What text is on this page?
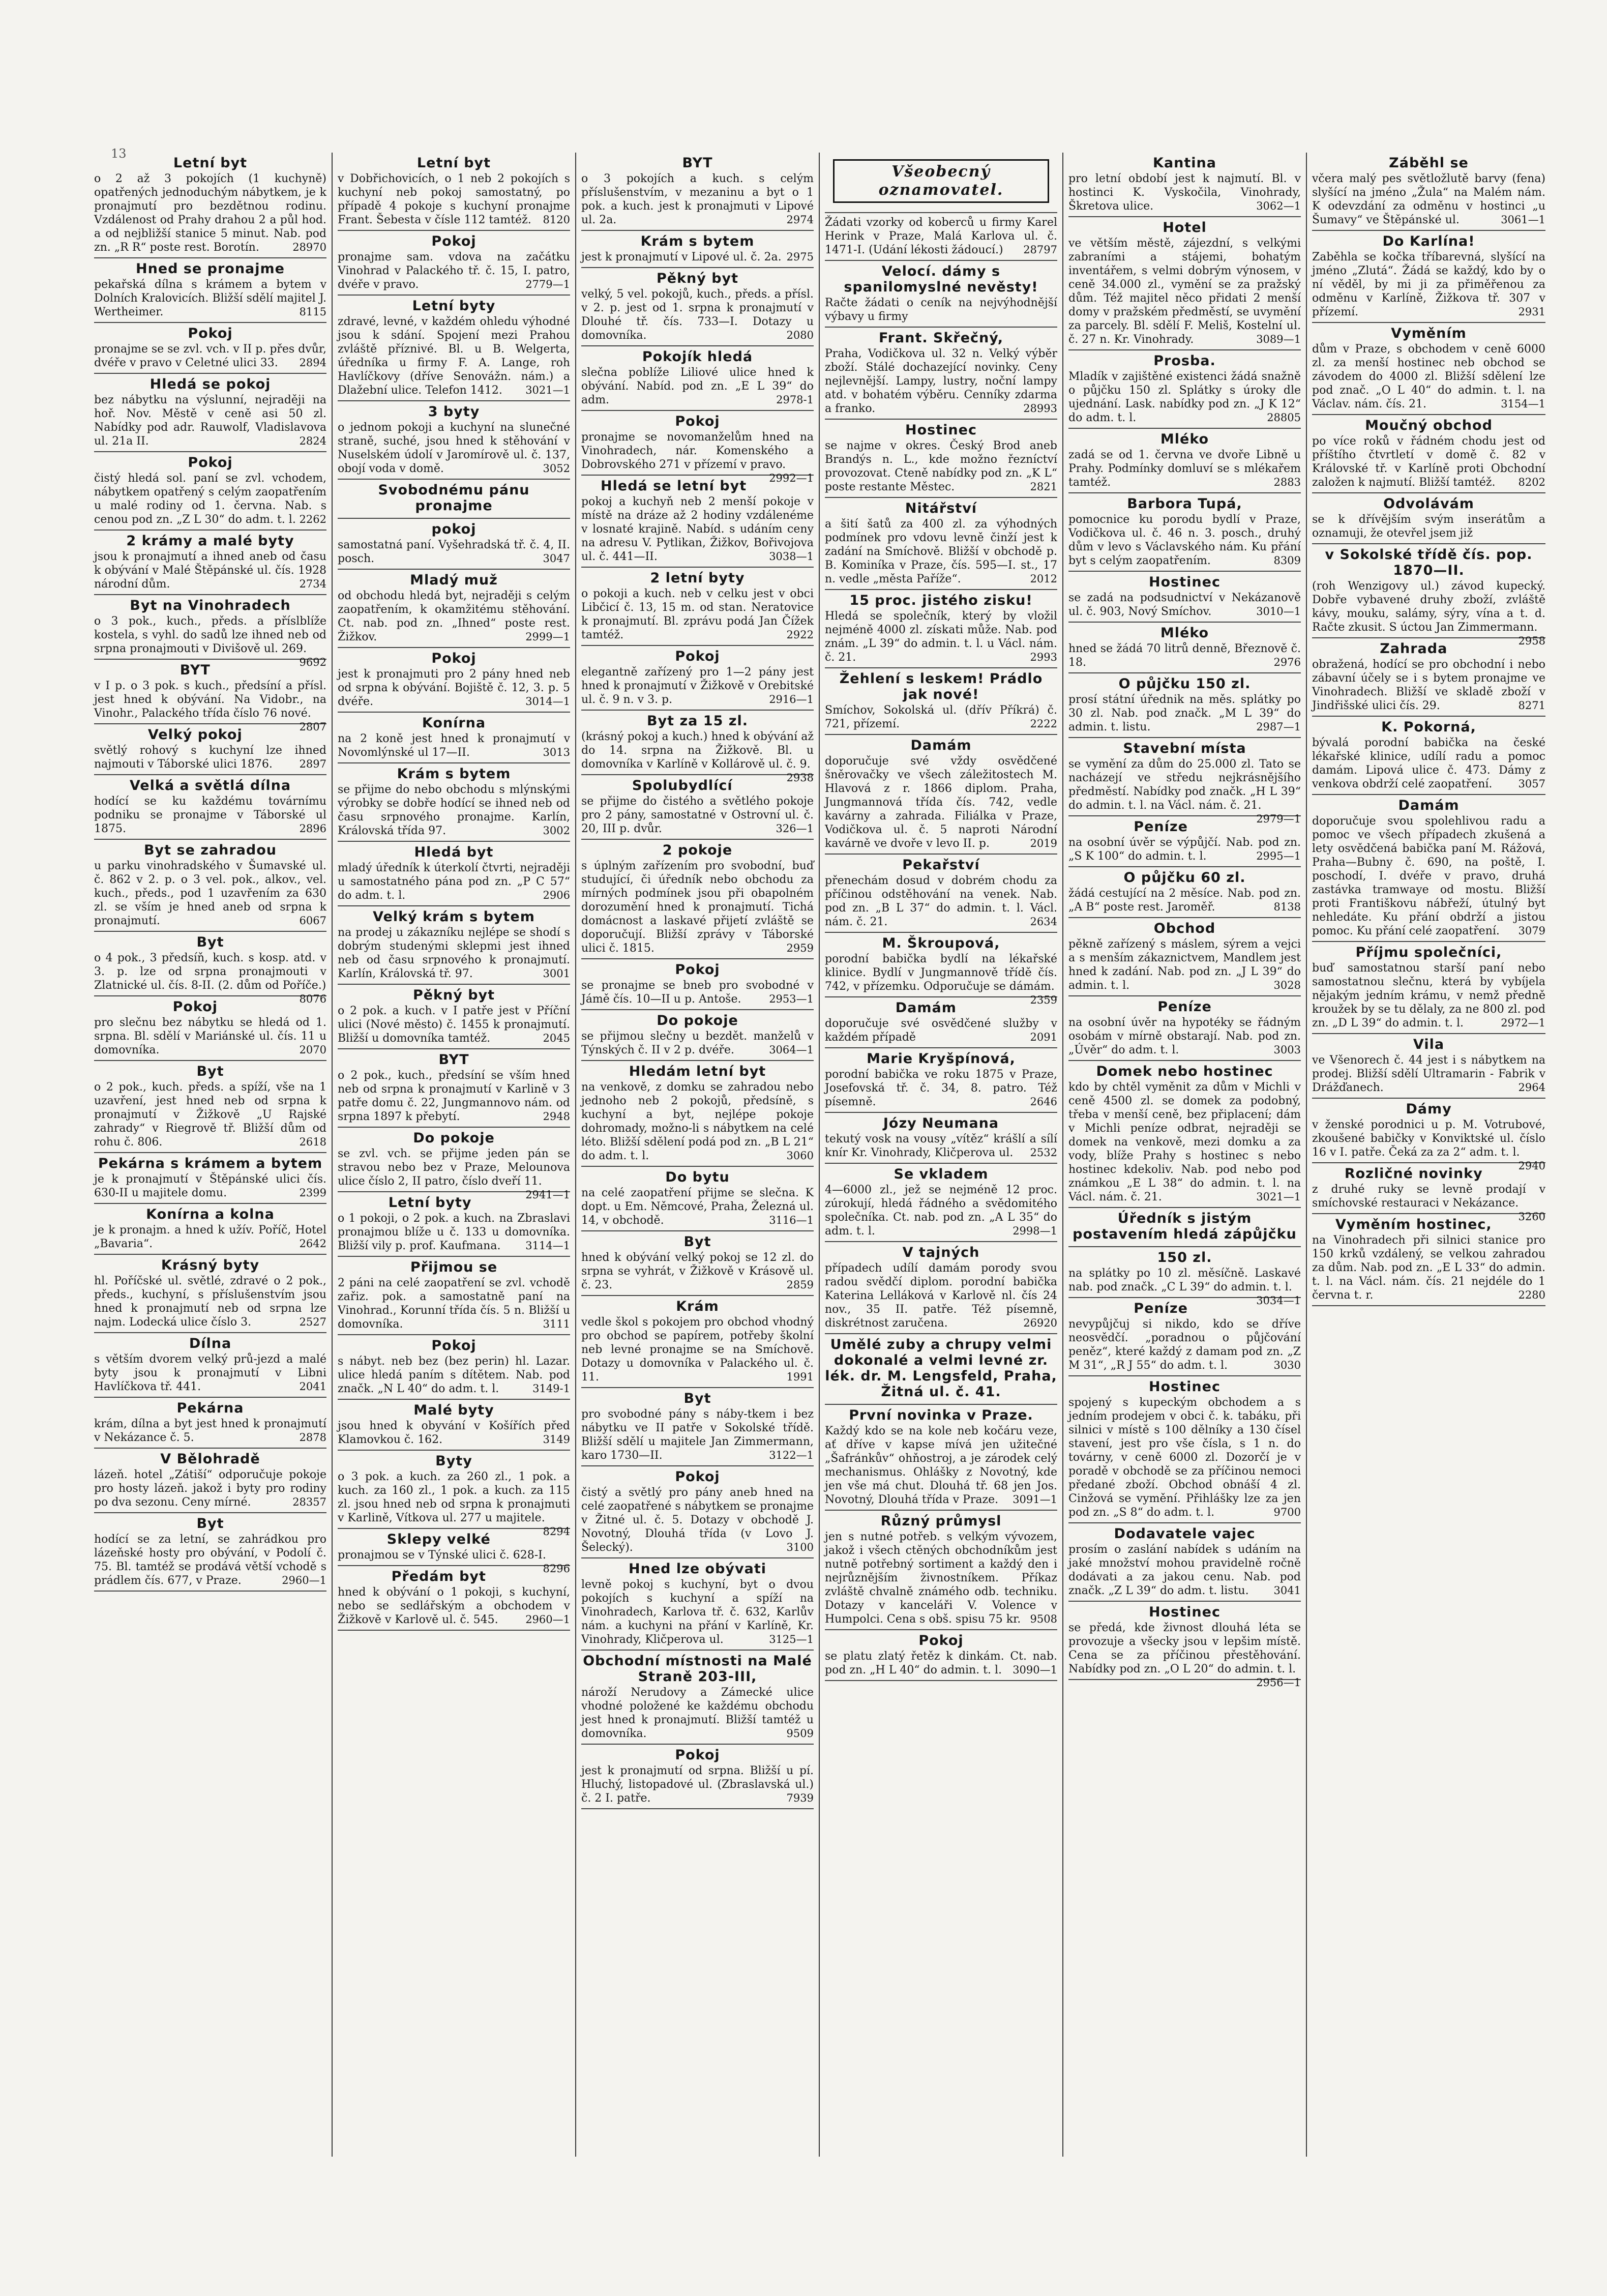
13
Letní byt
o 2 až 3 pokojích (1 kuchyně) opatřených jednoduchým nábytkem, je k pronajmutí pro bezdětnou rodinu. Vzdálenost od Prahy drahou 2 a půl hod. a od nejbližší stanice 5 minut. Nab. pod zn. „R R“ poste rest. Borotín.	28970
Hned se pronajme
pekařská dílna s krámem a bytem v Dolních Kralovicích. Bližší sdělí majitel J. Wertheimer.	8115
Pokoj
pronajme se se zvl. vch. v II p. přes dvůr, dvéře v pravo v Celetné ulici 33. 2894
Hledá se pokoj
bez nábytku na výslunní, nejraději na hoř. Nov. Městě v ceně asi 50 zl. Nabídky pod adr. Rauwolf, Vladislavova ul. 21a II.	2824
Pokoj
čistý hledá sol. paní se zvl. vchodem, nábytkem opatřený s celým zaopatřením u malé rodiny od 1. června. Nab. s cenou pod zn. „Z L 30“ do adm. t. l. 2262
2 krámy a malé byty
jsou k pronajmutí a ihned aneb od času k obývání v Malé Štěpánské ul. čís. 1928 národní dům.	2734
Byt na Vinohradech
o 3 pok., kuch., předs. a příslblíže kostela, s vyhl. do sadů lze ihned neb od srpna pronajmouti v Divišově ul. 269.
9692
BYT
v I p. o 3 pok. s kuch., předsíní a přísl. jest hned k obývání. Na Vidobr., na Vinohr., Palackého třída číslo 76 nové.
2807
Velký pokoj
světlý rohový s kuchyní lze ihned najmouti v Táborské ulici 1876.	2897
Velká a světlá dílna
hodící se ku každému továrnímu podniku se pronajme v Táborské ul 1875.	2896
Byt se zahradou
u parku vinohradského v Šumavské ul. č. 862 v 2. p. o 3 vel. pok., alkov., vel. kuch., předs., pod 1 uzavřením za 630 zl. se vším je hned aneb od srpna k pronajmutí.	6067
Byt
o 4 pok., 3 předsíň, kuch. s kosp. atd. v 3. p. lze od srpna pronajmouti v Zlatnické ul. čís. 8-II. (2. dům od Poříče.)
8076
Pokoj
pro slečnu bez nábytku se hledá od 1. srpna. Bl. sdělí v Mariánské ul. čís. 11 u domovníka.	2070
Byt
o 2 pok., kuch. předs. a spíží, vše na 1 uzavření, jest hned neb od srpna k pronajmutí v Žižkově „U Rajské zahrady“ v Riegrově tř. Bližší dům od rohu č. 806.	2618
Pekárna s krámem a bytem
je k pronajmutí v Štěpánské ulici čís. 630-II u majitele domu.	2399
Konírna a kolna
je k pronajm. a hned k užív. Poříč, Hotel „Bavaria“.	2642
Krásný byty
hl. Poříčské ul. světlé, zdravé o 2 pok., předs., kuchyní, s příslušenstvím jsou hned k pronajmutí neb od srpna lze najm. Lodecká ulice číslo 3.	2527
Dílna
s větším dvorem velký prů-jezd a malé byty jsou k pronajmutí v Libni Havlíčkova tř. 441.	2041
Pekárna
krám, dílna a byt jest hned k pronajmutí v Nekázance č. 5.	2878
V Bělohradě
lázeň. hotel „Zátiší“ odporučuje pokoje pro hosty lázeň. jakož i byty pro rodiny po dva sezonu. Ceny mírné.	28357
Byt
hodící se za letní, se zahrádkou pro lázeňské hosty pro obývání, v Podolí č. 75. Bl. tamtéž se prodává větší vchodě s prádlem čís. 677, v Praze.	2960—1
Letní byt
v Dobřichovicích, o 1 neb 2 pokojích s kuchyní neb pokoj samostatný, po případě 4 pokoje s kuchyní pronajme Frant. Šebesta v čísle 112 tamtéž. 8120
Pokoj
pronajme sam. vdova na začátku Vinohrad v Palackého tř. č. 15, I. patro, dvéře v pravo.	2779—1
Letní byty
zdravé, levné, v každém ohledu výhodné jsou k sdání. Spojení mezi Prahou zvláště příznivé. Bl. u B. Welgerta, úředníka u firmy F. A. Lange, roh Havlíčkovy (dříve Senovážn. nám.) a Dlažební ulice. Telefon 1412. 3021—1
3 byty
o jednom pokoji a kuchyní na slunečné straně, suché, jsou hned k stěhování v Nuselském údolí v Jaromírově ul. č. 137, obojí voda v domě.	3052
Svobodnému pánu pronajme
pokoj
samostatná paní. Vyšehradská tř. č. 4, II. posch.	3047
Mladý muž
od obchodu hledá byt, nejraději s celým zaopatřením, k okamžitému stěhování. Ct. nab. pod zn. „Ihned“ poste rest. Žižkov.	2999—1
Pokoj
jest k pronajmuti pro 2 pány hned neb od srpna k obývání. Bojiště č. 12, 3. p. 5 dvéře.	3014—1
Konírna
na 2 koně jest hned k pronajmutí v Novomlýnské ul 17—II.	3013
Krám s bytem
se přijme do nebo obchodu s mlýnskými výrobky se dobře hodící se ihned neb od času srpnového pronajme. Karlín, Královská třída 97.	3002
Hledá byt
mladý úředník k úterkolí čtvrti, nejraději u samostatného pána pod zn. „P C 57“ do adm. t. l.	2906
Velký krám s bytem
na prodej u zákazníku nejlépe se shodí s dobrým studenými sklepmi jest ihned neb od času srpnového k pronajmutí. Karlín, Královská tř. 97.	3001
Pěkný byt
o 2 pok. a kuch. v I patře jest v Příční ulici (Nové město) č. 1455 k pronajmutí. Bližší u domovníka tamtéž.	2045
BYT
o 2 pok., kuch., předsíní se vším hned neb od srpna k pronajmutí v Karlině v 3 patře domu č. 22, Jungmannovo nám. od srpna 1897 k přebytí.	2948
Do pokoje
se zvl. vch. se přijme jeden pán se stravou nebo bez v Praze, Melounova ulice číslo 2, II patro, číslo dveří 11.
2941—1
Letní byty
o 1 pokoji, o 2 pok. a kuch. na Zbraslavi pronajmou blíže u č. 133 u domovníka. Bližší vily p. prof. Kaufmana. 3114—1
Přijmou se
2 páni na celé zaopatření se zvl. vchodě zařiz. pok. a samostatně paní na Vinohrad., Korunní třída čís. 5 n. Bližší u domovníka.	3111
Pokoj
s nábyt. neb bez (bez perin) hl. Lazar. ulice hledá paním s dítětem. Nab. pod značk. „N L 40“ do adm. t. l.	3149-1
Malé byty
jsou hned k obyvání v Košířích před Klamovkou č. 162.	3149
Byty
o 3 pok. a kuch. za 260 zl., 1 pok. a kuch. za 160 zl., 1 pok. a kuch. za 115 zl. jsou hned neb od srpna k pronajmuti v Karlině, Vítkova ul. 277 u majitele.
8294
Sklepy velké
pronajmou se v Týnské ulici č. 628-I.
8296
Předám byt
hned k obývání o 1 pokoji, s kuchyní, nebo se sedlářským a obchodem v Žižkově v Karlově ul. č. 545.	2960—1
BYT
o 3 pokojích a kuch. s celým příslušenstvím, v mezaninu a byt o 1 pok. a kuch. jest k pronajmuti v Lipové ul. 2a.	2974
Krám s bytem
jest k pronajmutí v Lipové ul. č. 2a. 2975
Pěkný byt
velký, 5 vel. pokojů, kuch., předs. a přísl. v 2. p. jest od 1. srpna k pronajmutí v Dlouhé tř. čís. 733—I. Dotazy u domovníka.	2080
Pokojík hledá
slečna poblíže Liliové ulice hned k obývání. Nabíd. pod zn. „E L 39“ do adm.	2978-1
Pokoj
pronajme se novomanželům hned na Vinohradech, nár. Komenského a Dobrovského 271 v přízemí v pravo.
2992—1
Hledá se letní byt
pokoj a kuchyň neb 2 menší pokoje v místě na dráze až 2 hodiny vzdálenéme v losnaté krajině. Nabíd. s udáním ceny na adresu V. Pytlikan, Žižkov, Bořivojova ul. č. 441—II.	3038—1
2 letní byty
o pokoji a kuch. neb v celku jest v obci Libčicí č. 13, 15 m. od stan. Neratovice k pronajmutí. Bl. zprávu podá Jan Čížek tamtéž.	2922
Pokoj
elegantně zařízený pro 1—2 pány jest hned k pronajmutí v Žižkově v Orebitské ul. č. 9 n. v 3. p.	2916—1
Byt za 15 zl.
(krásný pokoj a kuch.) hned k obývání až do 14. srpna na Žižkově. Bl. u domovníka v Karlíně v Kollárově ul. č. 9.
2938
Spolubydlící
se přijme do čistého a světlého pokoje pro 2 pány, samostatné v Ostrovní ul. č. 20, III p. dvůr.	326—1
2 pokoje
s úplným zařízením pro svobodní, buď studující, či úředník nebo obchodu za mírných podmínek jsou při obapolném dorozumění hned k pronajmutí. Tichá domácnost a laskavé přijetí zvláště se doporučují. Bližší zprávy v Táborské ulici č. 1815.	2959
Pokoj
se pronajme se bneb pro svobodné v Jámě čís. 10—II u p. Antoše.	2953—1
Do pokoje
se přijmou slečny u bezdět. manželů v Týnských č. II v 2 p. dvéře.	3064—1
Hledám letní byt
na venkově, z domku se zahradou nebo jednoho neb 2 pokojů, předsíně, s kuchyní a byt, nejlépe pokoje dohromady, možno-li s nábytkem na celé léto. Bližší sdělení podá pod zn. „B L 21“ do adm. t. l.	3060
Do bytu
na celé zaopatření přijme se slečna. K dopt. u Em. Němcové, Praha, Železná ul. 14, v obchodě.	3116—1
Byt
hned k obývání velký pokoj se 12 zl. do srpna se vyhrát, v Žižkově v Krásově ul. č. 23.	2859
Krám
vedle škol s pokojem pro obchod vhodný pro obchod se papírem, potřeby školní neb levné pronajme se na Smíchově. Dotazy u domovníka v Palackého ul. č. 11.	1991
Byt
pro svobodné pány s náby-tkem i bez nábytku ve II patře v Sokolské třídě. Bližší sdělí u majitele Jan Zimmermann, karo 1730—II.	3122—1
Pokoj
čistý a světlý pro pány aneb hned na celé zaopatřené s nábytkem se pronajme v Žitné ul. č. 5. Dotazy v obchodě J. Novotný, Dlouhá třída (v Lovo J. Šelecký).	3100
Hned lze obývati
levně pokoj s kuchyní, byt o dvou pokojích s kuchyní a spíží na Vinohradech, Karlova tř. č. 632, Karlův nám. a kuchyni na přání v Karlíně, Kr. Vinohrady, Kličperova ul.	3125—1
Obchodní místnosti na Malé Straně 203-III,
nároží Nerudovy a Zámecké ulice vhodné položené ke každému obchodu jest hned k pronajmutí. Bližší tamtéž u domovníka.	9509
Pokoj
jest k pronajmutí od srpna. Bližší u pí. Hluchý, listopadové ul. (Zbraslavská ul.) č. 2 I. patře.	7939
Všeobecný oznamovatel.
Žádati vzorky od koberců u firmy Karel Herink v Praze, Malá Karlova ul. č. 1471-I. (Udání lékosti žádoucí.) 28797
Velocí. dámy s spanilomyslné nevěsty!
Račte žádati o ceník na nejvýhodnější výbavy u firmy
Frant. Skřečný,
Praha, Vodičkova ul. 32 n. Velký výběr zboží. Stálé dochazející novinky. Ceny nejlevnější. Lampy, lustry, noční lampy atd. v bohatém výběru. Cenníky zdarma a franko.	28993
Hostinec
se najme v okres. Český Brod aneb Brandýs n. L., kde možno řezníctví provozovat. Cteně nabídky pod zn. „K L“ poste restante Městec.	2821
Nitářství
a šití šatů za 400 zl. za výhodných podmínek pro vdovu levně činží jest k zadání na Smíchově. Bližší v obchodě p. B. Kominíka v Praze, čís. 595—I. st., 17 n. vedle „města Paříže“.	2012
15 proc. jistého zisku!
Hledá se společník, který by vložil nejméně 4000 zl. získati může. Nab. pod znám. „L 39“ do admin. t. l. u Václ. nám. č. 21.	2993
Žehlení s leskem! Prádlo jak nové!
Smíchov, Sokolská ul. (dřív Příkrá) č. 721, přízemí.	2222
Damám
doporučuje své vždy osvědčené šněrovačky ve všech záležitostech M. Hlavová z r. 1866 diplom. Praha, Jungmannová třída čís. 742, vedle kavárny a zahrada. Filiálka v Praze, Vodičkova ul. č. 5 naproti Národní kavárně ve dvoře v levo II. p.	2019
Pekařství
přenechám dosud v dobrém chodu za příčinou odstěhování na venek. Nab. pod zn. „B L 37“ do admin. t. l. Václ. nám. č. 21.	2634
M. Škroupová,
porodní babička bydlí na lékařské klinice. Bydlí v Jungmannově třídě čís. 742, v přízemku. Odporučuje se dámám.
2359
Damám
doporučuje své osvědčené služby v každém případě	2091
Marie Kryšpínová,
porodní babička ve roku 1875 v Praze, Josefovská tř. č. 34, 8. patro. Též písemně.	2646
Józy Neumana
tekutý vosk na vousy „vítěz“ krášlí a sílí knír Kr. Vinohrady, Kličperova ul. 2532
Se vkladem
4—6000 zl., jež se nejméně 12 proc. zúrokují, hledá řádného a svědomitého společníka. Ct. nab. pod zn. „A L 35“ do adm. t. l.	2998—1
V tajných
případech udílí damám porody svou radou svědčí diplom. porodní babička Katerina Lelláková v Karlově nl. čís 24 nov., 35 II. patře. Též písemně, diskrétnost zaručena.	26920
Umělé zuby a chrupy velmi dokonalé a velmi levné zr. lék. dr. M. Lengsfeld, Praha, Žitná ul. č. 41.
První novinka v Praze.
Každý kdo se na kole neb kočáru veze, ať dříve v kapse mívá jen užitečné „Šafránkův“ ohňostroj, a je zárodek celý mechanismus. Ohlášky z Novotný, kde jen vše má chut. Dlouhá tř. 68 jen Jos. Novotný, Dlouhá třída v Praze. 3091—1
Různý průmysl
jen s nutné potřeb. s velkým vývozem, jakož i všech ctěných obchodníkům jest nutně potřebný sortiment a každý den i nejrůznějším živnostníkem. Příkaz zvláště chvalně známého odb. techniku. Dotazy v kanceláři V. Volence v Humpolci. Cena s obš. spisu 75 kr. 9508
Pokoj
se platu zlatý řetěz k dinkám. Ct. nab. pod zn. „H L 40“ do admin. t. l. 3090—1
Kantina
pro letní období jest k najmutí. Bl. v hostinci K. Vyskočila, Vinohrady, Škretova ulice.	3062—1
Hotel
ve větším městě, zájezdní, s velkými zabraními a stájemi, bohatým inventářem, s velmi dobrým výnosem, v ceně 34.000 zl., vymění se za pražský dům. Též majitel něco přidati 2 menší domy v pražském předměstí, se uvymění za parcely. Bl. sdělí F. Meliš, Kostelní ul. č. 27 n. Kr. Vinohrady.	3089—1
Prosba.
Mladík v zajištěné existenci žádá snažně o půjčku 150 zl. Splátky s úroky dle ujednání. Lask. nabídky pod zn. „J K 12“ do adm. t. l.	28805
Mléko
zadá se od 1. června ve dvoře Libně u Prahy. Podmínky domluví se s mlékařem tamtéž.	2883
Barbora Tupá,
pomocnice ku porodu bydlí v Praze, Vodičkova ul. č. 46 n. 3. posch., druhý dům v levo s Václavského nám. Ku přání byt s celým zaopatřením.	8309
Hostinec
se zadá na podsudnictví v Nekázanově ul. č. 903, Nový Smíchov.	3010—1
Mléko
hned se žádá 70 litrů denně, Březnově č. 18.	2976
O půjčku 150 zl.
prosí státní úřednik na měs. splátky po 30 zl. Nab. pod značk. „M L 39“ do admin. t. listu.	2987—1
Stavební místa
se vymění za dům do 25.000 zl. Tato se nacházejí ve středu nejkrásnějšího předměstí. Nabídky pod značk. „H L 39“ do admin. t. l. na Václ. nám. č. 21.
2979—1
Peníze
na osobní úvěr se výpůjčí. Nab. pod zn. „S K 100“ do admin. t. l.	2995—1
O půjčku 60 zl.
žádá cestující na 2 měsíce. Nab. pod zn. „A B“ poste rest. Jaroměř.	8138
Obchod
pěkně zařízený s máslem, sýrem a vejci a s menším zákaznictvem, Mandlem jest hned k zadání. Nab. pod zn. „J L 39“ do admin. t. l.	3028
Peníze
na osobní úvěr na hypotéky se řádným osobám v mírně obstarají. Nab. pod zn. „Úvěr“ do adm. t. l.	3003
Domek nebo hostinec
kdo by chtěl vyměnit za dům v Michli v ceně 4500 zl. se domek za podobný, třeba v menší ceně, bez připlacení; dám v Michli peníze odbrat, nejraději se domek na venkově, mezi domku a za vody, blíže Prahy s hostinec s nebo hostinec kdekoliv. Nab. pod nebo pod známkou „E L 38“ do admin. t. l. na Václ. nám. č. 21.	3021—1
Úředník s jistým postavením hledá zápůjčku
150 zl.
na splátky po 10 zl. měsíčně. Laskavé nab. pod značk. „C L 39“ do admin. t. l.
3034—1
Peníze
nevypůjčuj si nikdo, kdo se dříve neosvědčí. „poradnou o půjčování peněz“, které každý z damam pod zn. „Z M 31“, „R J 55“ do adm. t. l.	3030
Hostinec
spojený s kupeckým obchodem a s jedním prodejem v obci č. k. tabáku, při silnici v místě s 100 dělníky a 130 čísel stavení, jest pro vše čísla, s 1 n. do továrny, v ceně 6000 zl. Dozorčí je v poradě v obchodě se za příčinou nemoci předané zboží. Obchod obnáší 4 zl. Cinžová se vymění. Přihlášky lze za jen pod zn. „S 8“ do adm. t. l.	9700
Dodavatele vajec
prosím o zaslání nabídek s udáním na jaké množství mohou pravidelně ročně dodávati a za jakou cenu. Nab. pod značk. „Z L 39“ do adm. t. listu. 3041
Hostinec
se předá, kde živnost dlouhá léta se provozuje a všecky jsou v lepšim místě. Cena se za příčinou přestěhování. Nabídky pod zn. „O L 20“ do admin. t. l.
2956—1
Záběhl se
včera malý pes světložlutě barvy (fena) slyšící na jméno „Žula“ na Malém nám. K odevzdání za odměnu v hostinci „u Šumavy“ ve Štěpánské ul.	3061—1
Do Karlína!
Zaběhla se kočka tříbarevná, slyšící na jméno „Zlutá“. Žádá se každý, kdo by o ní věděl, by mi ji za přiměřenou za odměnu v Karlíně, Žižkova tř. 307 v přízemí.	2931
Vyměním
dům v Praze, s obchodem v ceně 6000 zl. za menší hostinec neb obchod se závodem do 4000 zl. Bližší sdělení lze pod znač. „O L 40“ do admin. t. l. na Václav. nám. čís. 21.	3154—1
Moučný obchod
po více roků v řádném chodu jest od příštího čtvrtletí v domě č. 82 v Královské tř. v Karlíně proti Obchodní založen k najmutí. Bližší tamtéž. 8202
Odvolávám
se k dřívějším svým inserátům a oznamuji, že otevřel jsem již
v Sokolské třídě čís. pop. 1870—II.
(roh Wenzigovy ul.) závod kupecký. Dobře vybavené druhy zboží, zvláště kávy, mouku, salámy, sýry, vína a t. d. Račte zkusit. S úctou Jan Zimmermann.
2958
Zahrada
obražená, hodící se pro obchodní i nebo zábavní účely se i s bytem pronajme ve Vinohradech. Bližší ve skladě zboží v Jindřišské ulici čís. 29.	8271
K. Pokorná,
bývalá porodní babička na české lékařské klinice, udílí radu a pomoc damám. Lipová ulice č. 473. Dámy z venkova obdrží celé zaopatření. 3057
Damám
doporučuje svou spolehlivou radu a pomoc ve všech případech zkušená a lety osvědčená babička paní M. Rážová, Praha—Bubny č. 690, na poště, I. poschodí, I. dvéře v pravo, druhá zastávka tramwaye od mostu. Bližší proti Františkovu nábřeží, útulný byt nehledáte. Ku přání obdrží a jistou pomoc. Ku přání celé zaopatření. 3079
Příjmu společníci,
buď samostatnou starší paní nebo samostatnou slečnu, která by vybíjela nějakým jedním krámu, v nemž předně kroužek by se tu dělaly, za ne 800 zl. pod zn. „D L 39“ do admin. t. l.	2972—1
Vila
ve Všenorech č. 44 jest i s nábytkem na prodej. Bližší sdělí Ultramarin - Fabrik v Drážďanech.	2964
Dámy
v ženské porodnici u p. M. Votrubové, zkoušené babičky v Konviktské ul. číslo 16 v I. patře. Čeká za za 2“ adm. t. l.
2940
Rozličné novinky
z druhé ruky se levně prodají v smíchovské restauraci v Nekázance.
3260
Vyměním hostinec,
na Vinohradech při silnici stanice pro 150 krků vzdálený, se velkou zahradou za dům. Nab. pod zn. „E L 33“ do admin. t. l. na Václ. nám. čís. 21 nejdéle do 1 června t. r.	2280
